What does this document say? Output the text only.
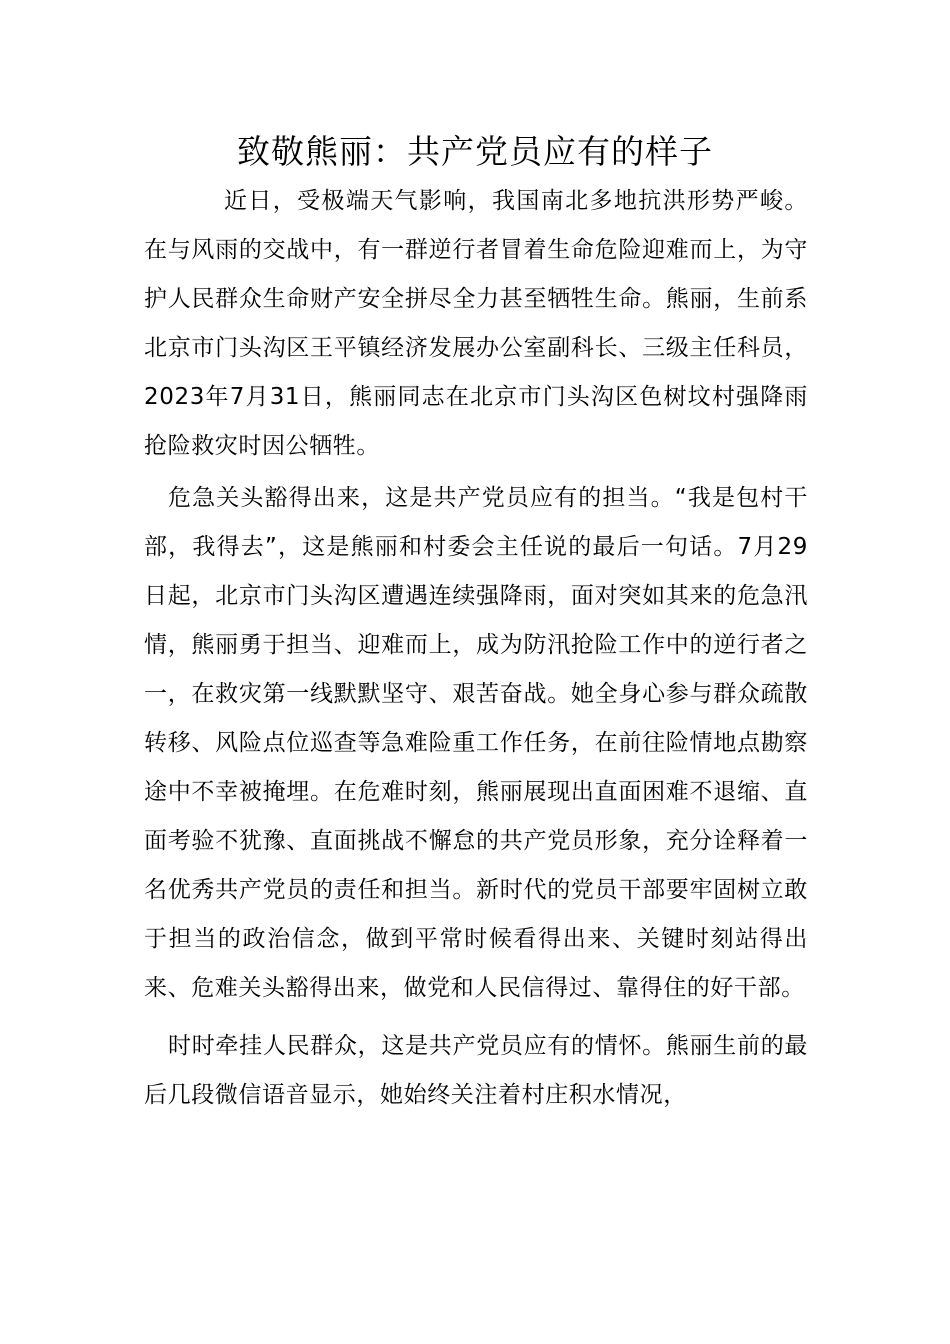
致敬熊丽：共产党员应有的样子

近日，受极端天气影响，我国南北多地抗洪形势严峻。在与风雨的交战中，有一群逆行者冒着生命危险迎难而上，为守护人民群众生命财产安全拼尽全力甚至牺牲生命。熊丽，生前系北京市门头沟区王平镇经济发展办公室副科长、三级主任科员，2023年7月31日，熊丽同志在北京市门头沟区色树坟村强降雨抢险救灾时因公牺牲。

危急关头豁得出来，这是共产党员应有的担当。“我是包村干部，我得去”，这是熊丽和村委会主任说的最后一句话。7月29日起，北京市门头沟区遭遇连续强降雨，面对突如其来的危急汛情，熊丽勇于担当、迎难而上，成为防汛抢险工作中的逆行者之一，在救灾第一线默默坚守、艰苦奋战。她全身心参与群众疏散转移、风险点位巡查等急难险重工作任务，在前往险情地点勘察途中不幸被掩埋。在危难时刻，熊丽展现出直面困难不退缩、直面考验不犹豫、直面挑战不懈怠的共产党员形象，充分诠释着一名优秀共产党员的责任和担当。新时代的党员干部要牢固树立敢于担当的政治信念，做到平常时候看得出来、关键时刻站得出来、危难关头豁得出来，做党和人民信得过、靠得住的好干部。

时时牵挂人民群众，这是共产党员应有的情怀。熊丽生前的最后几段微信语音显示，她始终关注着村庄积水情况，
